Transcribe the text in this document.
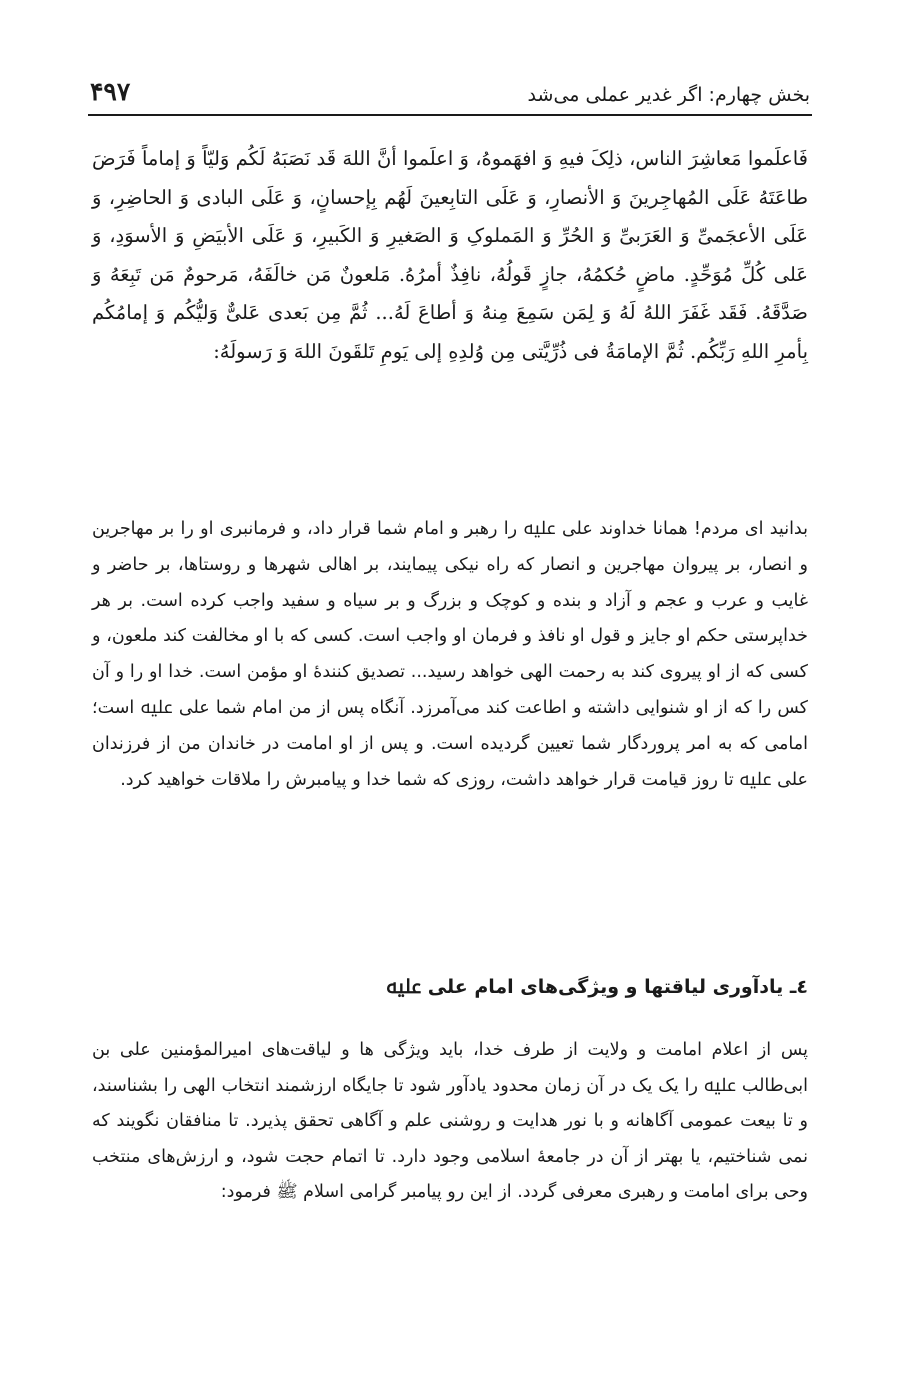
۴۹۷	بخش چهارم: اگر غدیر عملی می‌شد

فَاعلَموا مَعاشِرَ الناس، ذلِکَ فیهِ وَ افهَموهُ، وَ اعلَموا أنَّ اللهَ قَد نَصَبَهُ لَکُم وَلیّاً وَ إماماً فَرَضَ طاعَتَهُ عَلَی المُهاجِرینَ وَ الأنصارِ، وَ عَلَی التابِعینَ لَهُم بِإحسانٍ، وَ عَلَی البادی وَ الحاضِرِ، وَ عَلَی الأعجَمیِّ وَ العَرَبیِّ وَ الحُرِّ وَ المَملوکِ وَ الصَغیرِ وَ الکَبیرِ، وَ عَلَی الأبیَضِ وَ الأسوَدِ، وَ عَلی کُلِّ مُوَحِّدٍ. ماضٍ حُکمُهُ، جازٍ قَولُهُ، نافِذٌ أمرُهُ. مَلعونٌ مَن خالَفَهُ، مَرحومٌ مَن تَبِعَهُ وَ صَدَّقَهُ. فَقَد غَفَرَ اللهُ لَهُ وَ لِمَن سَمِعَ مِنهُ وَ أطاعَ لَهُ... ثُمَّ مِن بَعدی عَلیٌّ وَلیُّکُم وَ إمامُکُم بِأمرِ اللهِ رَبِّکُم. ثُمَّ الإمامَةُ فی ذُرِّیَّتی مِن وُلدِهِ إلی یَومِ تَلقَونَ اللهَ وَ رَسولَهُ:

بدانید ای مردم! همانا خداوند علی ﷷ را رهبر و امام شما قرار داد، و فرمانبری او را بر مهاجرین و انصار، بر پیروان مهاجرین و انصار که راه نیکی پیمایند، بر اهالی شهرها و روستاها، بر حاضر و غایب و عرب و عجم و آزاد و بنده و کوچک و بزرگ و بر سیاه و سفید واجب کرده است. بر هر خداپرستی حکم او جایز و قول او نافذ و فرمان او واجب است. کسی که با او مخالفت کند ملعون، و کسی که از او پیروی کند به رحمت الهی خواهد رسید... تصدیق کنندهٔ او مؤمن است. خدا او را و آن کس را که از او شنوایی داشته و اطاعت کند می‌آمرزد. آنگاه پس از من امام شما علی ﷷ است؛ امامی که به امر پروردگار شما تعیین گردیده است. و پس از او امامت در خاندان من از فرزندان علی ﷷ تا روز قیامت قرار خواهد داشت، روزی که شما خدا و پیامبرش را ملاقات خواهید کرد.

٤ـ یادآوری لیاقتها و ویژگی‌های امام علی ﷷ

پس از اعلام امامت و ولایت از طرف خدا، باید ویژگی ها و لیاقت‌های امیرالمؤمنین علی بن ابی‌طالب ﷷ را یک یک در آن زمان محدود یادآور شود تا جایگاه ارزشمند انتخاب الهی را بشناسند، و تا بیعت عمومی آگاهانه و با نور هدایت و روشنی علم و آگاهی تحقق پذیرد. تا منافقان نگویند که نمی شناختیم، یا بهتر از آن در جامعهٔ اسلامی وجود دارد. تا اتمام حجت شود، و ارزش‌های منتخب وحی برای امامت و رهبری معرفی گردد. از این رو پیامبر گرامی اسلام ﷺ فرمود:
